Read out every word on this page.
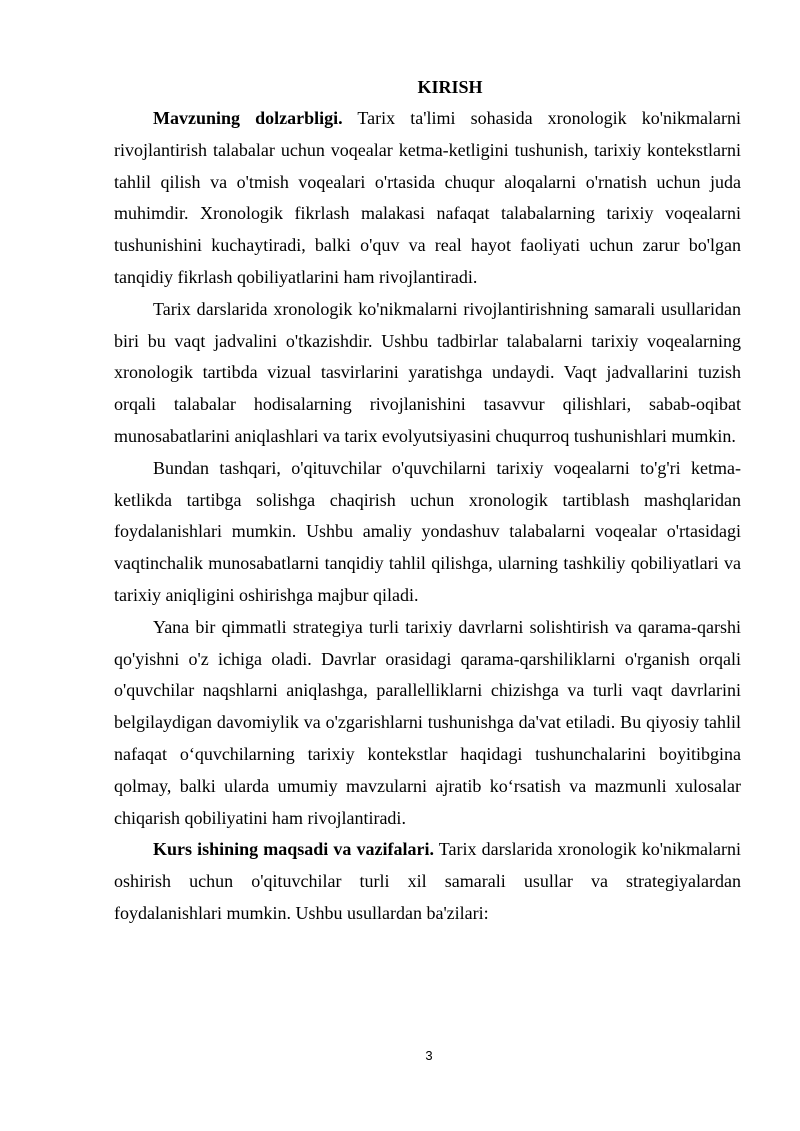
KIRISH

Mavzuning dolzarbligi. Tarix ta'limi sohasida xronologik ko'nikmalarni rivojlantirish talabalar uchun voqealar ketma-ketligini tushunish, tarixiy kontekstlarni tahlil qilish va o'tmish voqealari o'rtasida chuqur aloqalarni o'rnatish uchun juda muhimdir. Xronologik fikrlash malakasi nafaqat talabalarning tarixiy voqealarni tushunishini kuchaytiradi, balki o'quv va real hayot faoliyati uchun zarur bo'lgan tanqidiy fikrlash qobiliyatlarini ham rivojlantiradi.

Tarix darslarida xronologik ko'nikmalarni rivojlantirishning samarali usullaridan biri bu vaqt jadvalini o'tkazishdir. Ushbu tadbirlar talabalarni tarixiy voqealarning xronologik tartibda vizual tasvirlarini yaratishga undaydi. Vaqt jadvallarini tuzish orqali talabalar hodisalarning rivojlanishini tasavvur qilishlari, sabab-oqibat munosabatlarini aniqlashlari va tarix evolyutsiyasini chuqurroq tushunishlari mumkin.

Bundan tashqari, o'qituvchilar o'quvchilarni tarixiy voqealarni to'g'ri ketma-ketlikda tartibga solishga chaqirish uchun xronologik tartiblash mashqlaridan foydalanishlari mumkin. Ushbu amaliy yondashuv talabalarni voqealar o'rtasidagi vaqtinchalik munosabatlarni tanqidiy tahlil qilishga, ularning tashkiliy qobiliyatlari va tarixiy aniqligini oshirishga majbur qiladi.

Yana bir qimmatli strategiya turli tarixiy davrlarni solishtirish va qarama-qarshi qo'yishni o'z ichiga oladi. Davrlar orasidagi qarama-qarshiliklarni o'rganish orqali o'quvchilar naqshlarni aniqlashga, parallelliklarni chizishga va turli vaqt davrlarini belgilaydigan davomiylik va o'zgarishlarni tushunishga da'vat etiladi. Bu qiyosiy tahlil nafaqat o‘quvchilarning tarixiy kontekstlar haqidagi tushunchalarini boyitibgina qolmay, balki ularda umumiy mavzularni ajratib ko‘rsatish va mazmunli xulosalar chiqarish qobiliyatini ham rivojlantiradi.

Kurs ishining maqsadi va vazifalari. Tarix darslarida xronologik ko'nikmalarni oshirish uchun o'qituvchilar turli xil samarali usullar va strategiyalardan foydalanishlari mumkin. Ushbu usullardan ba'zilari:

3
